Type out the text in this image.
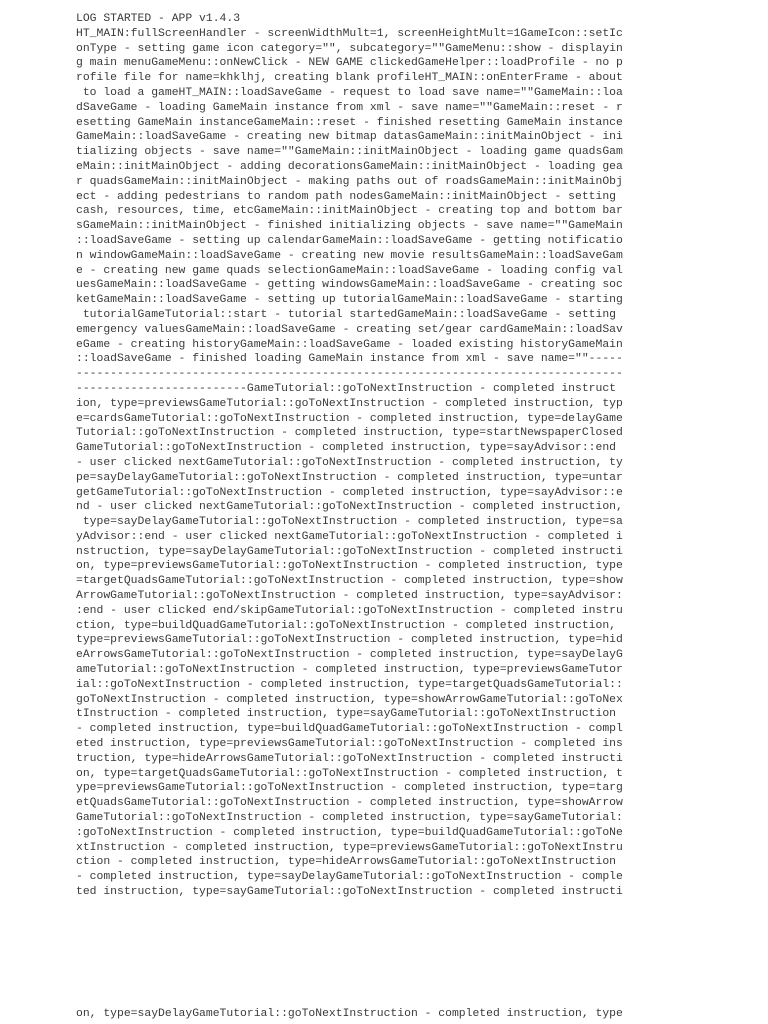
LOG STARTED - APP v1.4.3
HT_MAIN:fullScreenHandler - screenWidthMult=1, screenHeightMult=1GameIcon::setIc
onType - setting game icon category="", subcategory=""GameMenu::show - displayin
g main menuGameMenu::onNewClick - NEW GAME clickedGameHelper::loadProfile - no p
rofile file for name=khklhj, creating blank profileHT_MAIN::onEnterFrame - about
to load a gameHT_MAIN::loadSaveGame - request to load save name=""GameMain::loa
dSaveGame - loading GameMain instance from xml - save name=""GameMain::reset - r
esetting GameMain instanceGameMain::reset - finished resetting GameMain instance
GameMain::loadSaveGame - creating new bitmap datasGameMain::initMainObject - ini
tializing objects - save name=""GameMain::initMainObject - loading game quadsGam
eMain::initMainObject - adding decorationsGameMain::initMainObject - loading gea
r quadsGameMain::initMainObject - making paths out of roadsGameMain::initMainObj
ect - adding pedestrians to random path nodesGameMain::initMainObject - setting
cash, resources, time, etcGameMain::initMainObject - creating top and bottom bar
sGameMain::initMainObject - finished initializing objects - save name=""GameMain
::loadSaveGame - setting up calendarGameMain::loadSaveGame - getting notificatio
n windowGameMain::loadSaveGame - creating new movie resultsGameMain::loadSaveGam
e - creating new game quads selectionGameMain::loadSaveGame - loading config val
uesGameMain::loadSaveGame - getting windowsGameMain::loadSaveGame - creating soc
ketGameMain::loadSaveGame - setting up tutorialGameMain::loadSaveGame - starting
tutorialGameTutorial::start - tutorial startedGameMain::loadSaveGame - setting
emergency valuesGameMain::loadSaveGame - creating set/gear cardGameMain::loadSav
eGame - creating historyGameMain::loadSaveGame - loaded existing historyGameMain
::loadSaveGame - finished loading GameMain instance from xml - save name=""-----
--------------------------------------------------------------------------------
-------------------------GameTutorial::goToNextInstruction - completed instruct
ion, type=previewsGameTutorial::goToNextInstruction - completed instruction, typ
e=cardsGameTutorial::goToNextInstruction - completed instruction, type=delayGame
Tutorial::goToNextInstruction - completed instruction, type=startNewspaperClosed
GameTutorial::goToNextInstruction - completed instruction, type=sayAdvisor::end
- user clicked nextGameTutorial::goToNextInstruction - completed instruction, ty
pe=sayDelayGameTutorial::goToNextInstruction - completed instruction, type=untar
getGameTutorial::goToNextInstruction - completed instruction, type=sayAdvisor::e
nd - user clicked nextGameTutorial::goToNextInstruction - completed instruction,
type=sayDelayGameTutorial::goToNextInstruction - completed instruction, type=sa
yAdvisor::end - user clicked nextGameTutorial::goToNextInstruction - completed i
nstruction, type=sayDelayGameTutorial::goToNextInstruction - completed instructi
on, type=previewsGameTutorial::goToNextInstruction - completed instruction, type
=targetQuadsGameTutorial::goToNextInstruction - completed instruction, type=show
ArrowGameTutorial::goToNextInstruction - completed instruction, type=sayAdvisor:
:end - user clicked end/skipGameTutorial::goToNextInstruction - completed instru
ction, type=buildQuadGameTutorial::goToNextInstruction - completed instruction,
type=previewsGameTutorial::goToNextInstruction - completed instruction, type=hid
eArrowsGameTutorial::goToNextInstruction - completed instruction, type=sayDelayG
ameTutorial::goToNextInstruction - completed instruction, type=previewsGameTutor
ial::goToNextInstruction - completed instruction, type=targetQuadsGameTutorial::
goToNextInstruction - completed instruction, type=showArrowGameTutorial::goToNex
tInstruction - completed instruction, type=sayGameTutorial::goToNextInstruction
- completed instruction, type=buildQuadGameTutorial::goToNextInstruction - compl
eted instruction, type=previewsGameTutorial::goToNextInstruction - completed ins
truction, type=hideArrowsGameTutorial::goToNextInstruction - completed instructi
on, type=targetQuadsGameTutorial::goToNextInstruction - completed instruction, t
ype=previewsGameTutorial::goToNextInstruction - completed instruction, type=targ
etQuadsGameTutorial::goToNextInstruction - completed instruction, type=showArrow
GameTutorial::goToNextInstruction - completed instruction, type=sayGameTutorial:
:goToNextInstruction - completed instruction, type=buildQuadGameTutorial::goToNe
xtInstruction - completed instruction, type=previewsGameTutorial::goToNextInstru
ction - completed instruction, type=hideArrowsGameTutorial::goToNextInstruction
- completed instruction, type=sayDelayGameTutorial::goToNextInstruction - comple
ted instruction, type=sayGameTutorial::goToNextInstruction - completed instructi
on, type=sayDelayGameTutorial::goToNextInstruction - completed instruction, type
